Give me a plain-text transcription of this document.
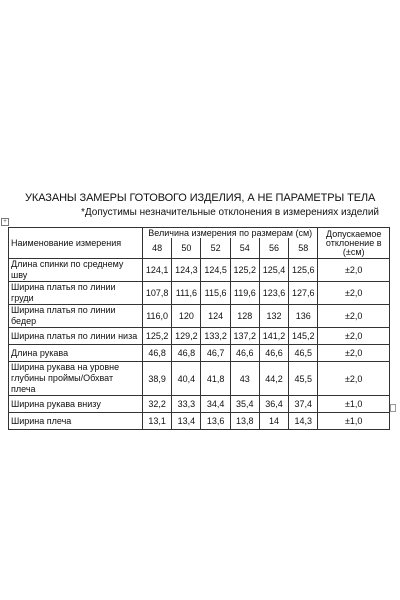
УКАЗАНЫ ЗАМЕРЫ ГОТОВОГО ИЗДЕЛИЯ, А НЕ ПАРАМЕТРЫ ТЕЛА
*Допустимы незначительные отклонения в измерениях изделий
+
Наименование измерения	Величина измерения по размерам (см)						Допускаемое отклонение в (±см)
	48	50	52	54	56	58	
Длина спинки по среднему шву	124,1	124,3	124,5	125,2	125,4	125,6	±2,0
Ширина платья по линии груди	107,8	111,6	115,6	119,6	123,6	127,6	±2,0
Ширина платья по линии бедер	116,0	120	124	128	132	136	±2,0
Ширина платья по линии низа	125,2	129,2	133,2	137,2	141,2	145,2	±2,0
Длина рукава	46,8	46,8	46,7	46,6	46,6	46,5	±2,0
Ширина рукава на уровне глубины проймы/Обхват плеча	38,9	40,4	41,8	43	44,2	45,5	±2,0
Ширина рукава внизу	32,2	33,3	34,4	35,4	36,4	37,4	±1,0
Ширина плеча	13,1	13,4	13,6	13,8	14	14,3	±1,0
